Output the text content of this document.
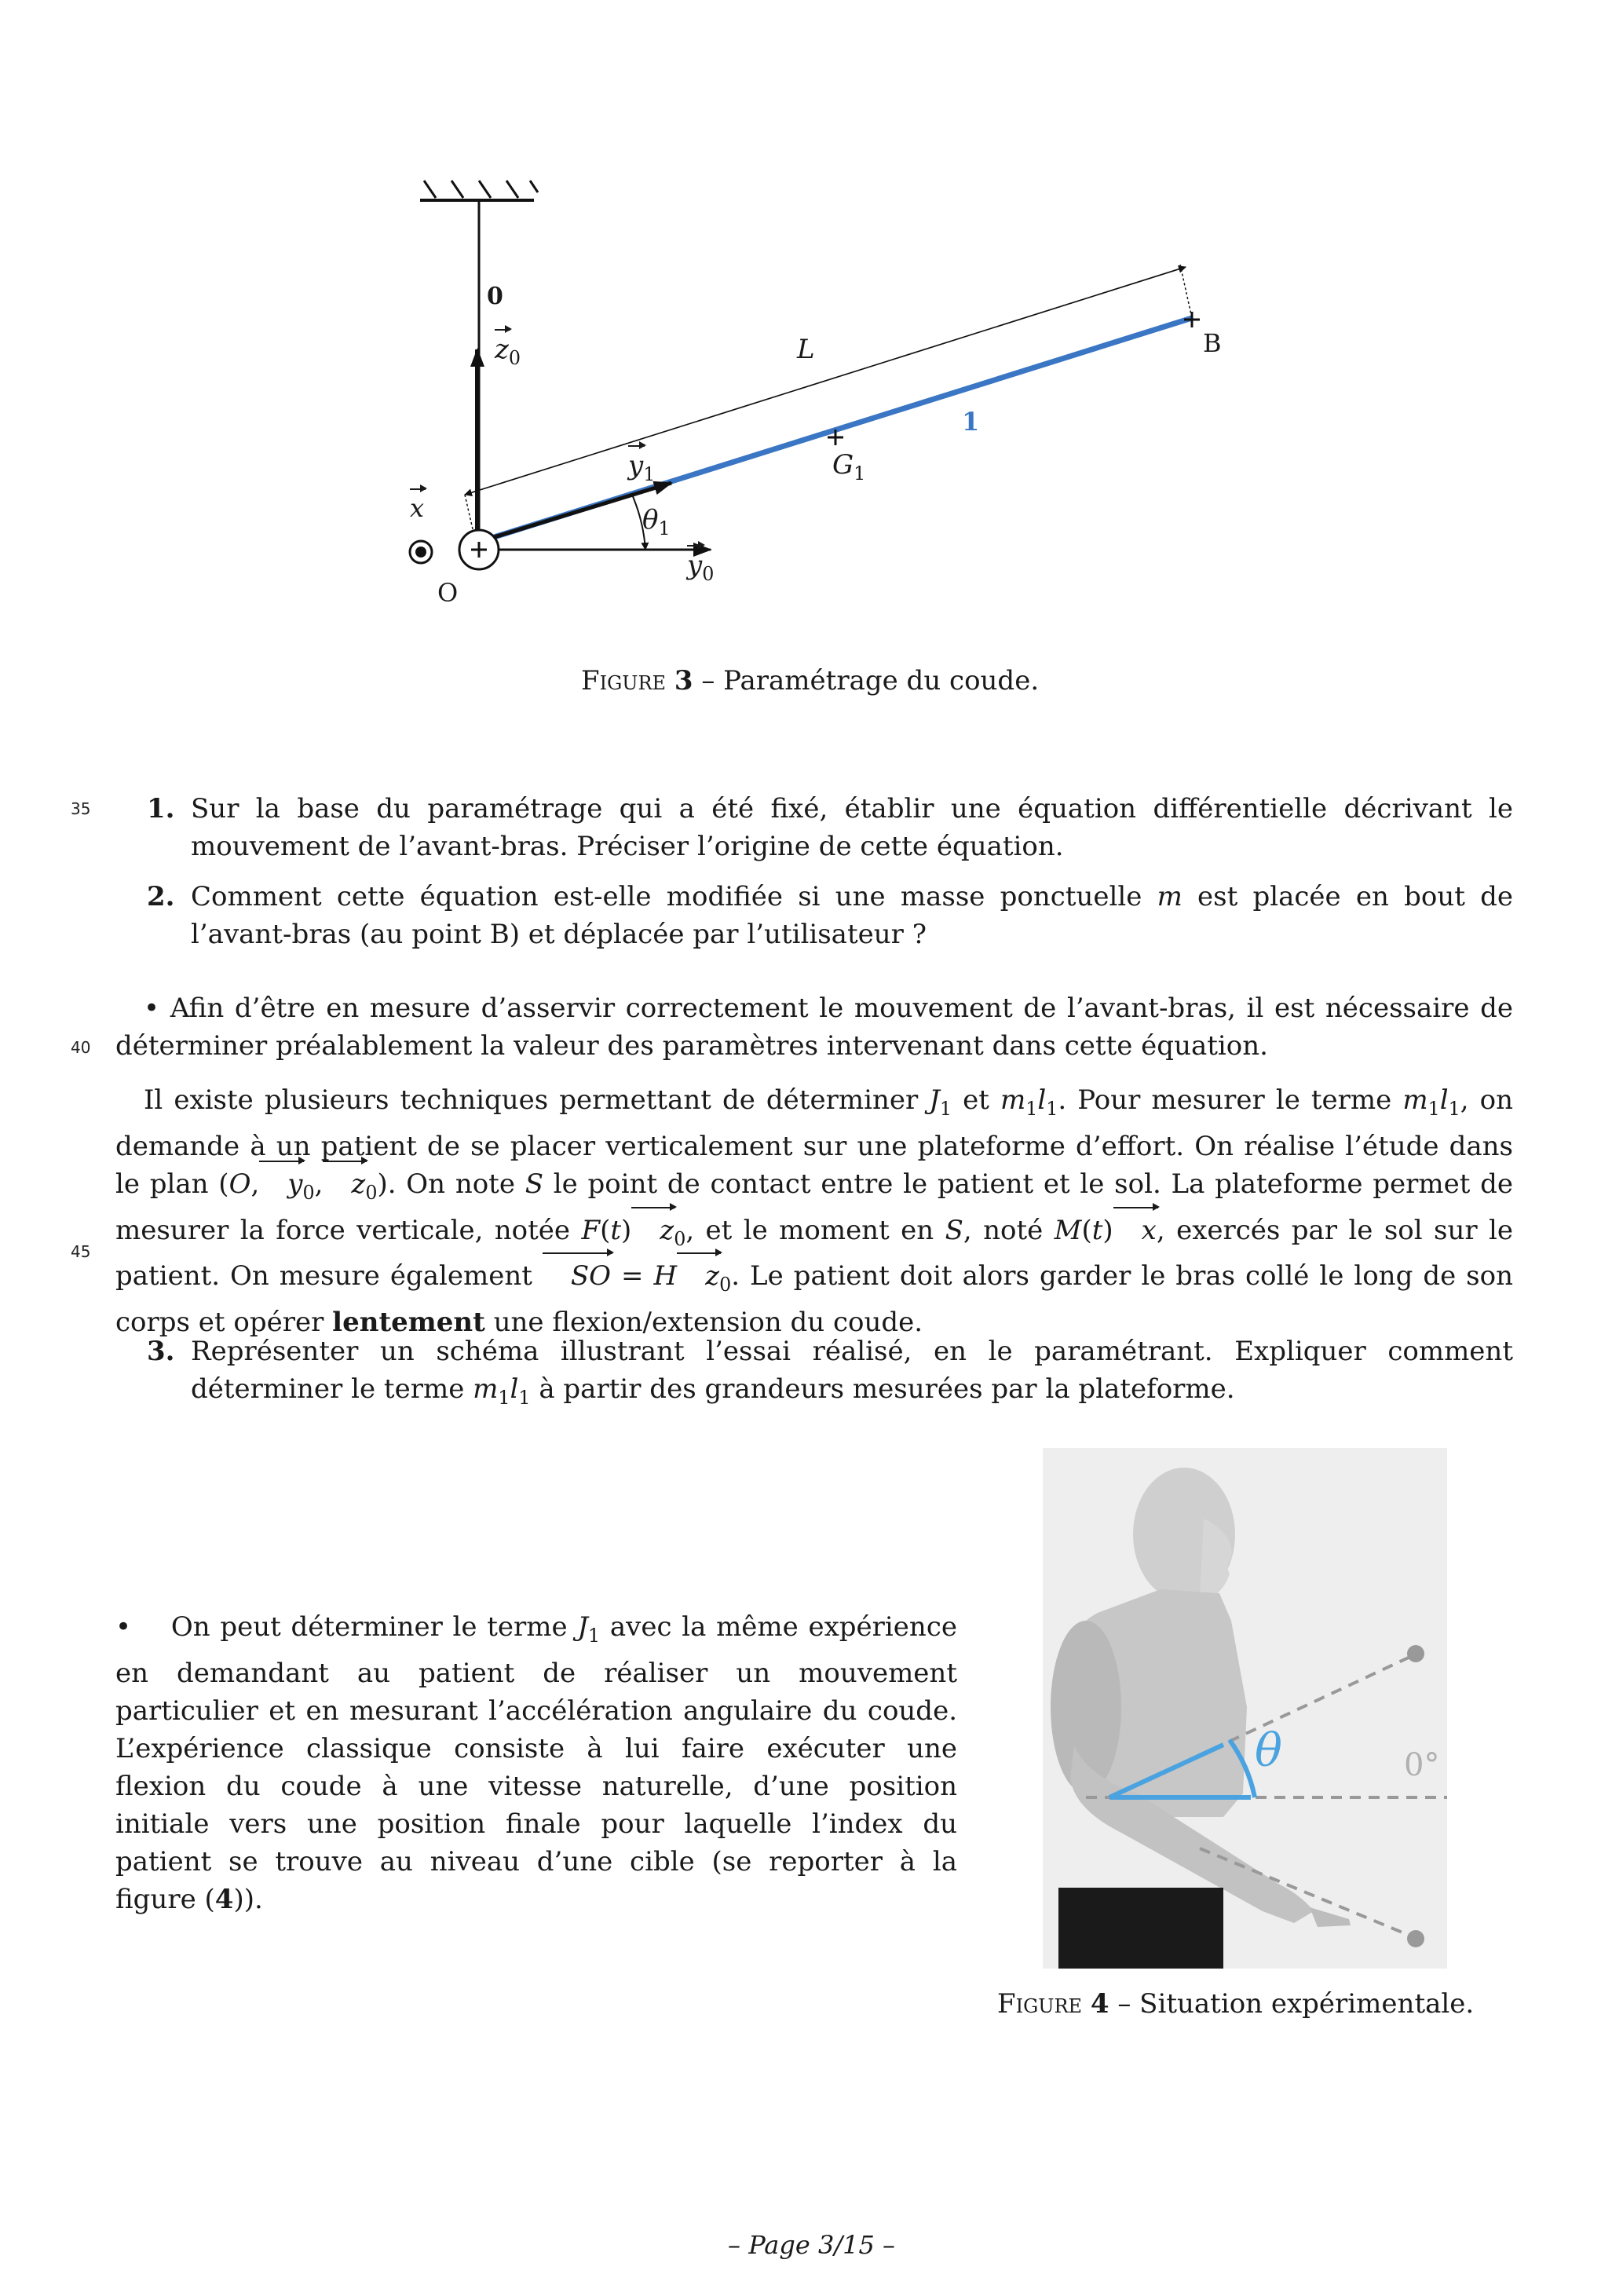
0
$z_0$	L	B
1
$y_1$	$G_1$
x	$\theta_1$
$y_0$
O
Figure 3 – Paramétrage du coude.
35
40
45
1. Sur la base du paramétrage qui a été fixé, établir une équation différentielle décrivant le mouvement de l’avant-bras. Préciser l’origine de cette équation.
2. Comment cette équation est-elle modifiée si une masse ponctuelle m est placée en bout de l’avant-bras (au point B) et déplacée par l’utilisateur ?
• Afin d’être en mesure d’asservir correctement le mouvement de l’avant-bras, il est nécessaire de déterminer préalablement la valeur des paramètres intervenant dans cette équation.
Il existe plusieurs techniques permettant de déterminer $J_1$ et $m_1l_1$. Pour mesurer le terme $m_1l_1$, on demande à un patient de se placer verticalement sur une plateforme d’effort. On réalise l’étude dans le plan (O, $y_0$, $z_0$). On note S le point de contact entre le patient et le sol. La plateforme permet de mesurer la force verticale, notée F(t) $z_0$, et le moment en S, noté M(t) x, exercés par le sol sur le patient. On mesure également SO = H $z_0$. Le patient doit alors garder le bras collé le long de son corps et opérer lentement une flexion/extension du coude.
3. Représenter un schéma illustrant l’essai réalisé, en le paramétrant. Expliquer comment déterminer le terme $m_1l_1$ à partir des grandeurs mesurées par la plateforme.
• On peut déterminer le terme $J_1$ avec la même expérience en demandant au patient de réaliser un mouvement particulier et en mesurant l’accélération angulaire du coude. L’expérience classique consiste à lui faire exécuter une flexion du coude à une vitesse naturelle, d’une position initiale vers une position finale pour laquelle l’index du patient se trouve au niveau d’une cible (se reporter à la figure (4)).
θ	0°
Figure 4 – Situation expérimentale.
– Page 3/15 –
